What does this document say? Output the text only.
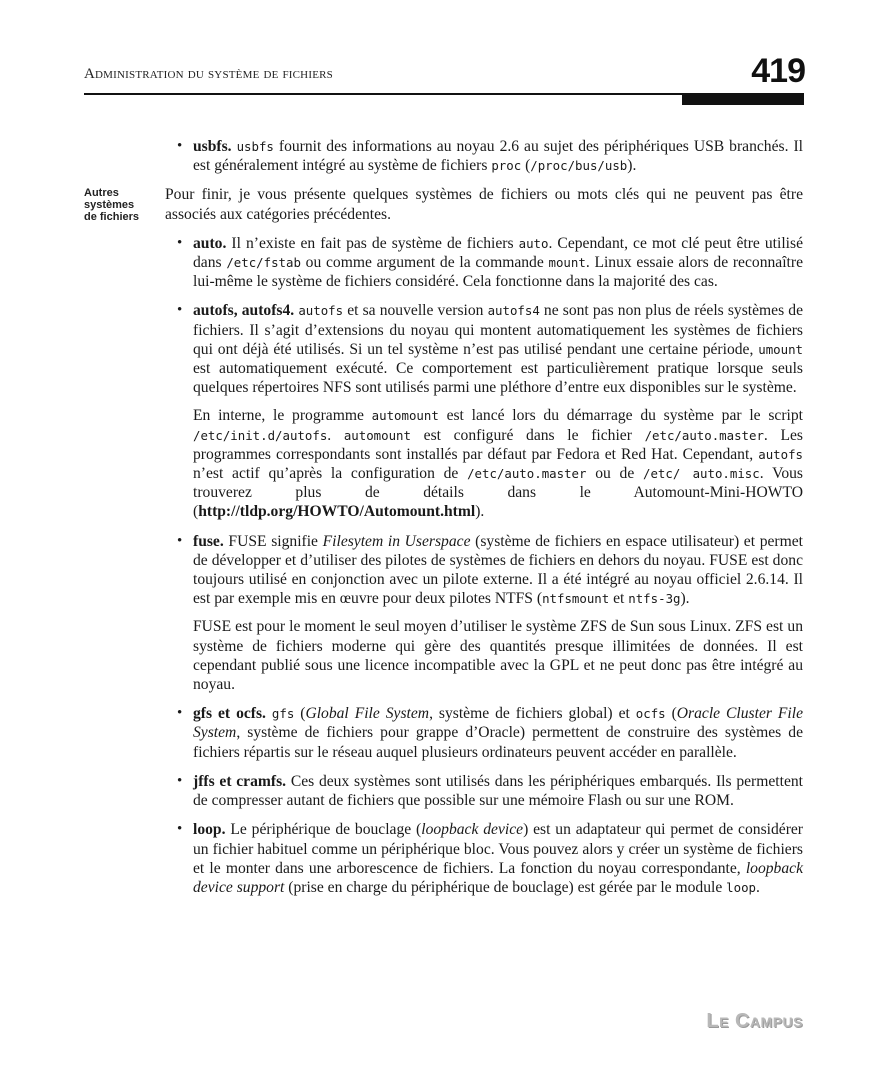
Administration du système de fichiers	419
Autres systèmes de fichiers
• usbfs. usbfs fournit des informations au noyau 2.6 au sujet des périphériques USB branchés. Il est généralement intégré au système de fichiers proc (/proc/bus/usb).

Pour finir, je vous présente quelques systèmes de fichiers ou mots clés qui ne peuvent pas être associés aux catégories précédentes.

• auto. Il n’existe en fait pas de système de fichiers auto. Cependant, ce mot clé peut être utilisé dans /etc/fstab ou comme argument de la commande mount. Linux essaie alors de reconnaître lui-même le système de fichiers considéré. Cela fonctionne dans la majorité des cas.

• autofs, autofs4. autofs et sa nouvelle version autofs4 ne sont pas non plus de réels systèmes de fichiers. Il s’agit d’extensions du noyau qui montent automatiquement les systèmes de fichiers qui ont déjà été utilisés. Si un tel système n’est pas utilisé pendant une certaine période, umount est automatiquement exécuté. Ce comportement est particulièrement pratique lorsque seuls quelques répertoires NFS sont utilisés parmi une pléthore d’entre eux disponibles sur le système.

En interne, le programme automount est lancé lors du démarrage du système par le script /etc/init.d/autofs. automount est configuré dans le fichier /etc/auto.master. Les programmes correspondants sont installés par défaut par Fedora et Red Hat. Cependant, autofs n’est actif qu’après la configuration de /etc/auto.master ou de /etc/ auto.misc. Vous trouverez plus de détails dans le Automount-Mini-HOWTO (http://tldp.org/HOWTO/Automount.html).

• fuse. FUSE signifie Filesytem in Userspace (système de fichiers en espace utilisateur) et permet de développer et d’utiliser des pilotes de systèmes de fichiers en dehors du noyau. FUSE est donc toujours utilisé en conjonction avec un pilote externe. Il a été intégré au noyau officiel 2.6.14. Il est par exemple mis en œuvre pour deux pilotes NTFS (ntfsmount et ntfs-3g).

FUSE est pour le moment le seul moyen d’utiliser le système ZFS de Sun sous Linux. ZFS est un système de fichiers moderne qui gère des quantités presque illimitées de données. Il est cependant publié sous une licence incompatible avec la GPL et ne peut donc pas être intégré au noyau.

• gfs et ocfs. gfs (Global File System, système de fichiers global) et ocfs (Oracle Cluster File System, système de fichiers pour grappe d’Oracle) permettent de construire des systèmes de fichiers répartis sur le réseau auquel plusieurs ordinateurs peuvent accéder en parallèle.

• jffs et cramfs. Ces deux systèmes sont utilisés dans les périphériques embarqués. Ils permettent de compresser autant de fichiers que possible sur une mémoire Flash ou sur une ROM.

• loop. Le périphérique de bouclage (loopback device) est un adaptateur qui permet de considérer un fichier habituel comme un périphérique bloc. Vous pouvez alors y créer un système de fichiers et le monter dans une arborescence de fichiers. La fonction du noyau correspondante, loopback device support (prise en charge du périphérique de bouclage) est gérée par le module loop.

Le Campus
